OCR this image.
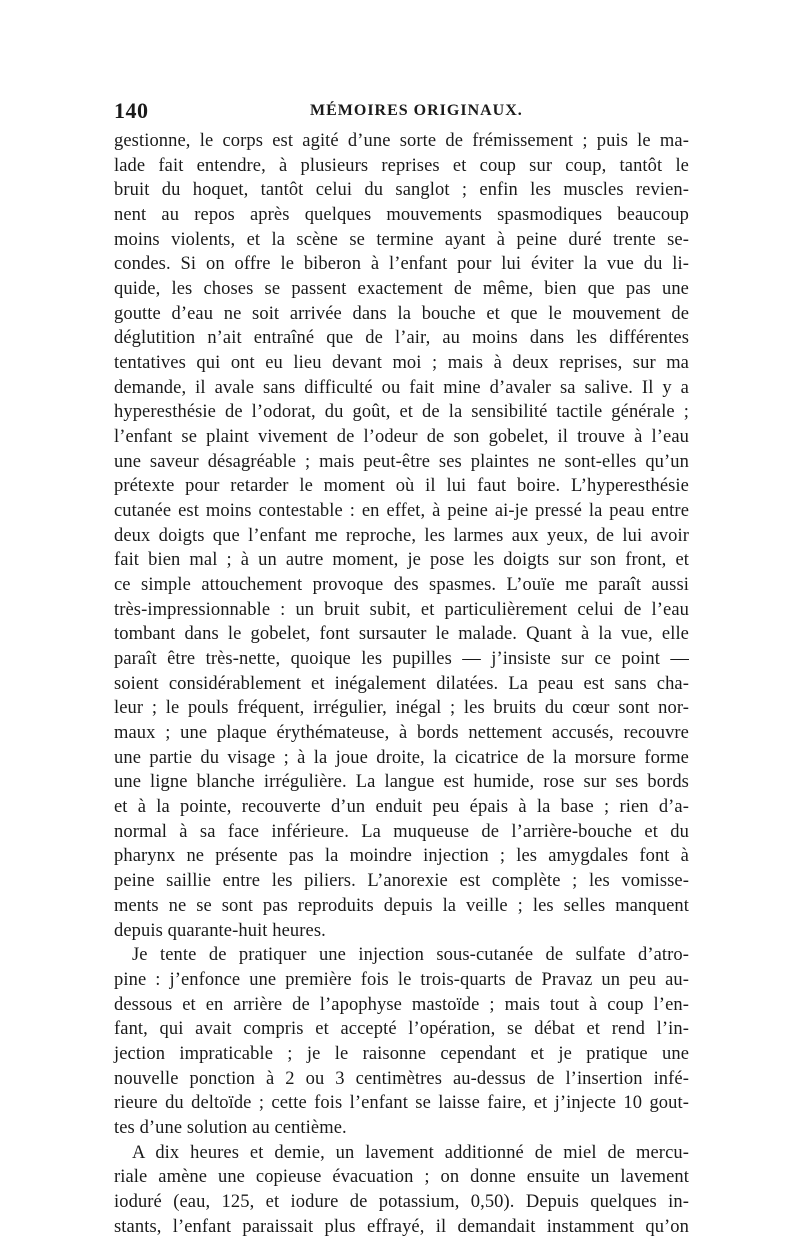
140	MÉMOIRES ORIGINAUX.
gestionne, le corps est agité d’une sorte de frémissement ; puis le ma-
lade fait entendre, à plusieurs reprises et coup sur coup, tantôt le
bruit du hoquet, tantôt celui du sanglot ; enfin les muscles revien-
nent au repos après quelques mouvements spasmodiques beaucoup
moins violents, et la scène se termine ayant à peine duré trente se-
condes. Si on offre le biberon à l’enfant pour lui éviter la vue du li-
quide, les choses se passent exactement de même, bien que pas une
goutte d’eau ne soit arrivée dans la bouche et que le mouvement de
déglutition n’ait entraîné que de l’air, au moins dans les différentes
tentatives qui ont eu lieu devant moi ; mais à deux reprises, sur ma
demande, il avale sans difficulté ou fait mine d’avaler sa salive. Il y a
hyperesthésie de l’odorat, du goût, et de la sensibilité tactile générale ;
l’enfant se plaint vivement de l’odeur de son gobelet, il trouve à l’eau
une saveur désagréable ; mais peut-être ses plaintes ne sont-elles qu’un
prétexte pour retarder le moment où il lui faut boire. L’hyperesthésie
cutanée est moins contestable : en effet, à peine ai-je pressé la peau entre
deux doigts que l’enfant me reproche, les larmes aux yeux, de lui avoir
fait bien mal ; à un autre moment, je pose les doigts sur son front, et
ce simple attouchement provoque des spasmes. L’ouïe me paraît aussi
très-impressionnable : un bruit subit, et particulièrement celui de l’eau
tombant dans le gobelet, font sursauter le malade. Quant à la vue, elle
paraît être très-nette, quoique les pupilles — j’insiste sur ce point —
soient considérablement et inégalement dilatées. La peau est sans cha-
leur ; le pouls fréquent, irrégulier, inégal ; les bruits du cœur sont nor-
maux ; une plaque érythémateuse, à bords nettement accusés, recouvre
une partie du visage ; à la joue droite, la cicatrice de la morsure forme
une ligne blanche irrégulière. La langue est humide, rose sur ses bords
et à la pointe, recouverte d’un enduit peu épais à la base ; rien d’a-
normal à sa face inférieure. La muqueuse de l’arrière-bouche et du
pharynx ne présente pas la moindre injection ; les amygdales font à
peine saillie entre les piliers. L’anorexie est complète ; les vomisse-
ments ne se sont pas reproduits depuis la veille ; les selles manquent
depuis quarante-huit heures.
Je tente de pratiquer une injection sous-cutanée de sulfate d’atro-
pine : j’enfonce une première fois le trois-quarts de Pravaz un peu au-
dessous et en arrière de l’apophyse mastoïde ; mais tout à coup l’en-
fant, qui avait compris et accepté l’opération, se débat et rend l’in-
jection impraticable ; je le raisonne cependant et je pratique une
nouvelle ponction à 2 ou 3 centimètres au-dessus de l’insertion infé-
rieure du deltoïde ; cette fois l’enfant se laisse faire, et j’injecte 10 gout-
tes d’une solution au centième.
A dix heures et demie, un lavement additionné de miel de mercu-
riale amène une copieuse évacuation ; on donne ensuite un lavement
ioduré (eau, 125, et iodure de potassium, 0,50). Depuis quelques in-
stants, l’enfant paraissait plus effrayé, il demandait instamment qu’on
